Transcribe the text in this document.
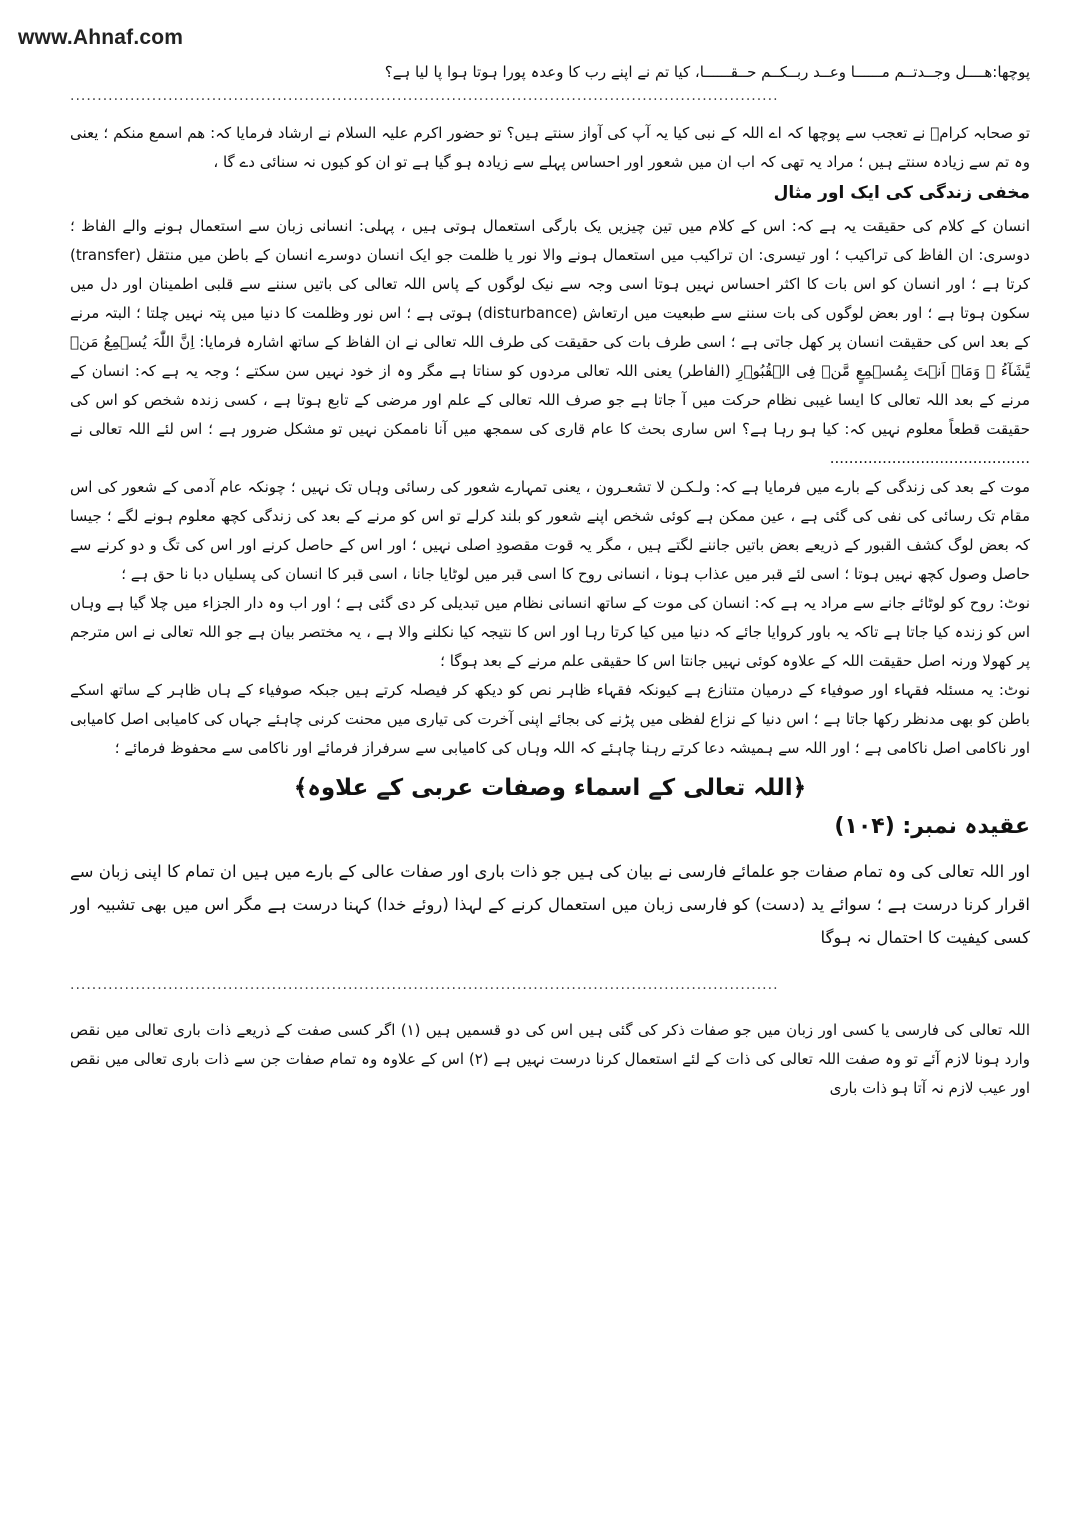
www.Ahnaf.com

پوچھا:ھــــل وجــدتــم مــــــا وعــد ربــکــم حــقــــــا، کیا تم نے اپنے رب کا وعدہ پورا ہوتا ہوا پا لیا ہے؟

..................................................................................................................................

تو صحابہ کرامؓ نے تعجب سے پوچھا کہ اے اللہ کے نبی کیا یہ آپ کی آواز سنتے ہیں؟ تو حضور اکرم علیہ السلام نے ارشاد فرمایا کہ: ھم اسمع منکم ؛ یعنی وہ تم سے زیادہ سنتے ہیں ؛ مراد یہ تھی کہ اب ان میں شعور اور احساس پہلے سے زیادہ ہو گیا ہے تو ان کو کیوں نہ سنائی دے گا ،

مخفی زندگی کی ایک اور مثال

انسان کے کلام کی حقیقت یہ ہے کہ: اس کے کلام میں تین چیزیں یک بارگی استعمال ہوتی ہیں ، پہلی: انسانی زبان سے استعمال ہونے والے الفاظ ؛ دوسری: ان الفاظ کی تراکیب ؛ اور تیسری: ان تراکیب میں استعمال ہونے والا نور یا ظلمت جو ایک انسان دوسرے انسان کے باطن میں منتقل (transfer) کرتا ہے ؛ اور انسان کو اس بات کا اکثر احساس نہیں ہوتا اسی وجہ سے نیک لوگوں کے پاس اللہ تعالی کی باتیں سننے سے قلبی اطمینان اور دل میں سکون ہوتا ہے ؛ اور بعض لوگوں کی بات سننے سے طبعیت میں ارتعاش (disturbance) ہوتی ہے ؛ اس نور وظلمت کا دنیا میں پتہ نہیں چلتا ؛ البتہ مرنے کے بعد اس کی حقیقت انسان پر کھل جاتی ہے ؛ اسی طرف بات کی حقیقت کی طرف اللہ تعالی نے ان الفاظ کے ساتھ اشارہ فرمایا: اِنَّ اللّٰہَ یُسۡمِعُ مَنۡ یَّشَآءُ ۚ وَمَاۤ اَنۡتَ بِمُسۡمِعٍ مَّنۡ فِی الۡقُبُوۡرِ (الفاطر) یعنی اللہ تعالی مردوں کو سناتا ہے مگر وہ از خود نہیں سن سکتے ؛ وجہ یہ ہے کہ: انسان کے مرنے کے بعد اللہ تعالی کا ایسا غیبی نظام حرکت میں آ جاتا ہے جو صرف اللہ تعالی کے علم اور مرضی کے تابع ہوتا ہے ، کسی زندہ شخص کو اس کی حقیقت قطعاً معلوم نہیں کہ: کیا ہو رہا ہے؟ اس ساری بحث کا عام قاری کی سمجھ میں آنا ناممکن نہیں تو مشکل ضرور ہے ؛ اس لئے اللہ تعالی نے ..........................................

موت کے بعد کی زندگی کے بارے میں فرمایا ہے کہ: ولـکـن لا تشعـرون ، یعنی تمہارے شعور کی رسائی وہاں تک نہیں ؛ چونکہ عام آدمی کے شعور کی اس مقام تک رسائی کی نفی کی گئی ہے ، عین ممکن ہے کوئی شخص اپنے شعور کو بلند کرلے تو اس کو مرنے کے بعد کی زندگی کچھ معلوم ہونے لگے ؛ جیسا کہ بعض لوگ کشف القبور کے ذریعے بعض باتیں جاننے لگتے ہیں ، مگر یہ قوت مقصودِ اصلی نہیں ؛ اور اس کے حاصل کرنے اور اس کی تگ و دو کرنے سے حاصل وصول کچھ نہیں ہوتا ؛ اسی لئے قبر میں عذاب ہونا ، انسانی روح کا اسی قبر میں لوٹایا جانا ، اسی قبر کا انسان کی پسلیاں دبا نا حق ہے ؛

نوٹ: روح کو لوٹائے جانے سے مراد یہ ہے کہ: انسان کی موت کے ساتھ انسانی نظام میں تبدیلی کر دی گئی ہے ؛ اور اب وہ دار الجزاء میں چلا گیا ہے وہاں اس کو زندہ کیا جاتا ہے تاکہ یہ باور کروایا جائے کہ دنیا میں کیا کرتا رہا اور اس کا نتیجہ کیا نکلنے والا ہے ، یہ مختصر بیان ہے جو اللہ تعالی نے اس مترجم پر کھولا ورنہ اصل حقیقت اللہ کے علاوہ کوئی نہیں جانتا اس کا حقیقی علم مرنے کے بعد ہوگا ؛

نوٹ: یہ مسئلہ فقہاء اور صوفیاء کے درمیان متنازع ہے کیونکہ فقہاء ظاہر نص کو دیکھ کر فیصلہ کرتے ہیں جبکہ صوفیاء کے ہاں ظاہر کے ساتھ اسکے باطن کو بھی مدنظر رکھا جاتا ہے ؛ اس دنیا کے نزاع لفظی میں پڑنے کی بجائے اپنی آخرت کی تیاری میں محنت کرنی چاہئے جہاں کی کامیابی اصل کامیابی اور ناکامی اصل ناکامی ہے ؛ اور اللہ سے ہمیشہ دعا کرتے رہنا چاہئے کہ اللہ وہاں کی کامیابی سے سرفراز فرمائے اور ناکامی سے محفوظ فرمائے ؛

﴿اللہ تعالی کے اسماء وصفات عربی کے علاوہ﴾
عقیدہ نمبر: (۱۰۴)

اور اللہ تعالی کی وہ تمام صفات جو علمائے فارسی نے بیان کی ہیں جو ذات باری اور صفات عالی کے بارے میں ہیں ان تمام کا اپنی زبان سے اقرار کرنا درست ہے ؛ سوائے ید (دست) کو فارسی زبان میں استعمال کرنے کے لہذا (روئے خدا) کہنا درست ہے مگر اس میں بھی تشبیہ اور کسی کیفیت کا احتمال نہ ہوگا

..................................................................................................................................

اللہ تعالی کی فارسی یا کسی اور زبان میں جو صفات ذکر کی گئی ہیں اس کی دو قسمیں ہیں (۱) اگر کسی صفت کے ذریعے ذات باری تعالی میں نقص وارد ہونا لازم آئے تو وہ صفت اللہ تعالی کی ذات کے لئے استعمال کرنا درست نہیں ہے (۲) اس کے علاوہ وہ تمام صفات جن سے ذات باری تعالی میں نقص اور عیب لازم نہ آتا ہو ذات باری
